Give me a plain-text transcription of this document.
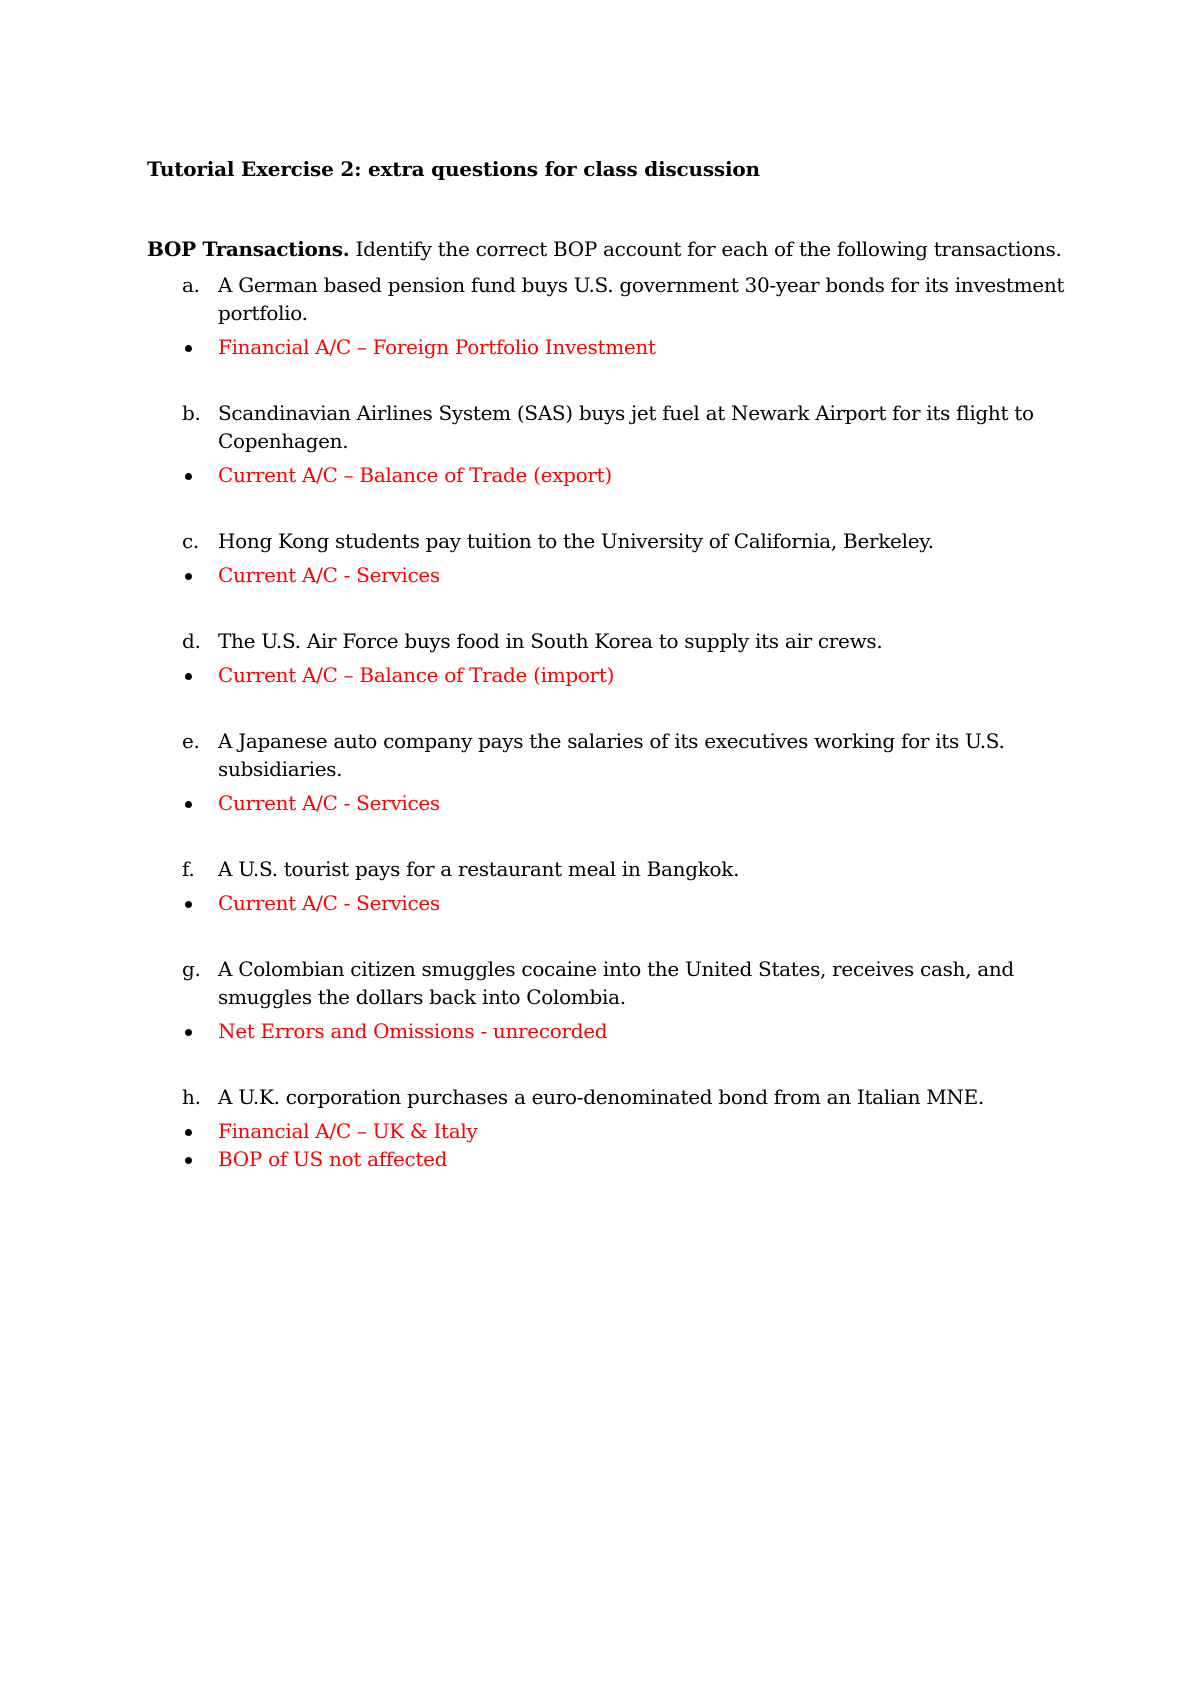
Tutorial Exercise 2: extra questions for class discussion
BOP Transactions. Identify the correct BOP account for each of the following transactions.
a. A German based pension fund buys U.S. government 30-year bonds for its investment portfolio.
Financial A/C – Foreign Portfolio Investment
b. Scandinavian Airlines System (SAS) buys jet fuel at Newark Airport for its flight to Copenhagen.
Current A/C – Balance of Trade (export)
c. Hong Kong students pay tuition to the University of California, Berkeley.
Current A/C - Services
d. The U.S. Air Force buys food in South Korea to supply its air crews.
Current A/C – Balance of Trade (import)
e. A Japanese auto company pays the salaries of its executives working for its U.S. subsidiaries.
Current A/C - Services
f.	A U.S. tourist pays for a restaurant meal in Bangkok.
Current A/C - Services
g. A Colombian citizen smuggles cocaine into the United States, receives cash, and smuggles the dollars back into Colombia.
Net Errors and Omissions - unrecorded
h. A U.K. corporation purchases a euro-denominated bond from an Italian MNE.
Financial A/C – UK & Italy
BOP of US not affected
